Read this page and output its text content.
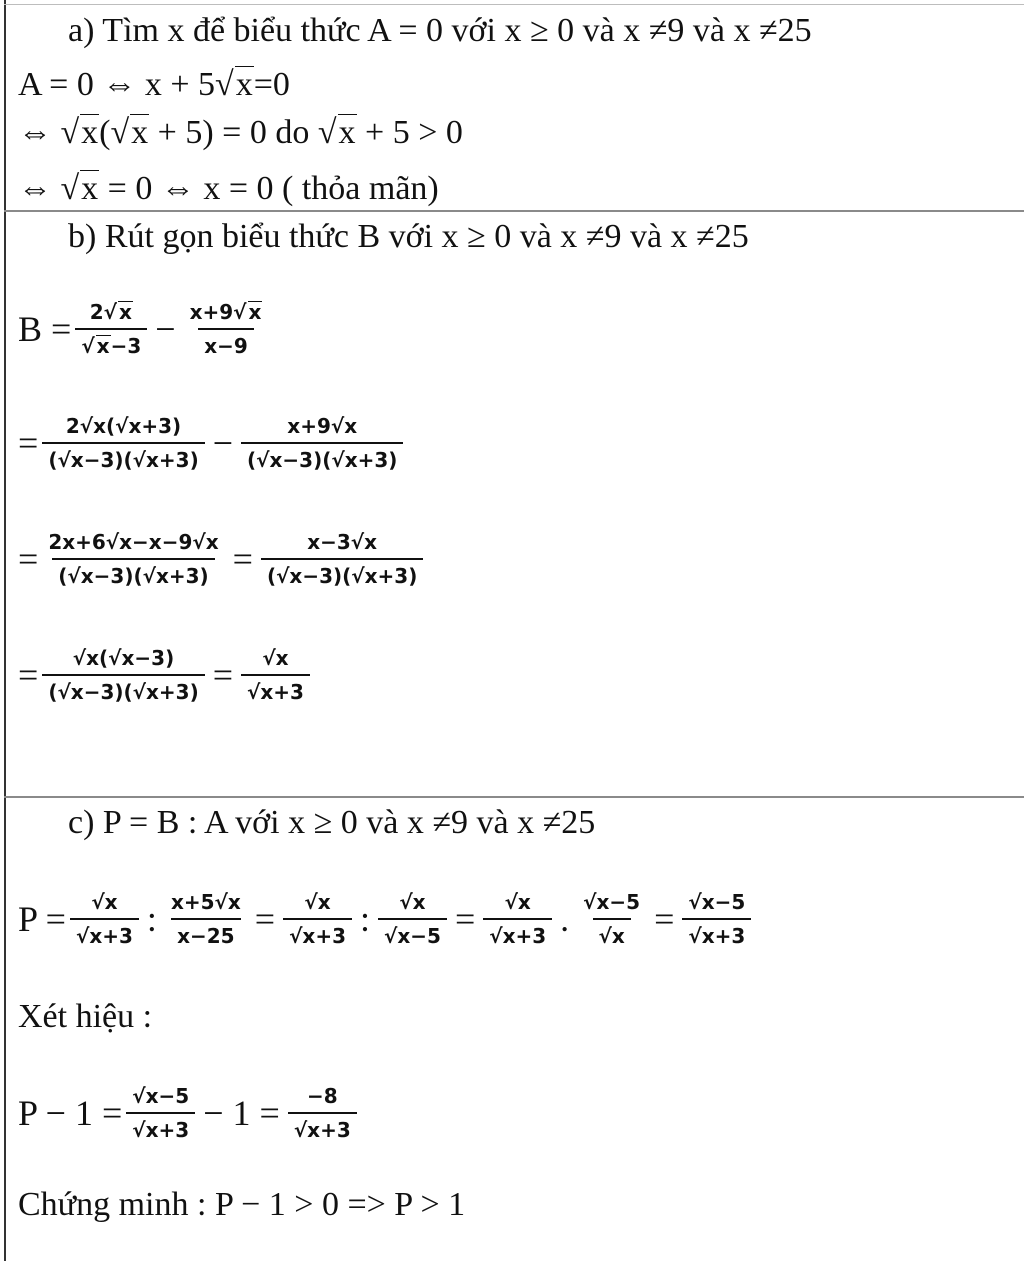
a) Tìm x để biểu thức A = 0 với x ≥ 0 và x ≠9 và x ≠25
A = 0 ⇔ x + 5√x=0
⇔ √x(√x + 5) = 0 do √x + 5 > 0
⇔ √x = 0 ⇔ x = 0 ( thỏa mãn)
b) Rút gọn biểu thức B với x ≥ 0 và x ≠9 và x ≠25
$B = \frac{2√ x}{√ x-3} - \frac{x+9√ x}{x-9}$
= $\frac{2√x(√x+3)}{(√x-3)(√x+3)} - \frac{x+9√x}{(√x-3)(√x+3)}$
= $\frac{2x+6√x-x-9√x}{(√x-3)(√x+3)} = \frac{x-3√x}{(√x-3)(√x+3)}$
= $\frac{√x(√x-3)}{(√x-3)(√x+3)} = \frac{√x}{√x+3}$
c) P = B : A với x ≥ 0 và x ≠9 và x ≠25
$P = \frac{√x}{√x+3}$ : $\frac{x+5√x}{x-25} = \frac{√x}{√x+3}$ : $\frac{√x}{√x-5} = \frac{√x}{√x+3}$ . $\frac{√x-5}{√x} = \frac{√x-5}{√x+3}$
Xét hiệu :
$P - 1 = \frac{√x-5}{√x+3} - 1 = \frac{-8}{√x+3}$
Chứng minh : P − 1 > 0 => P > 1
